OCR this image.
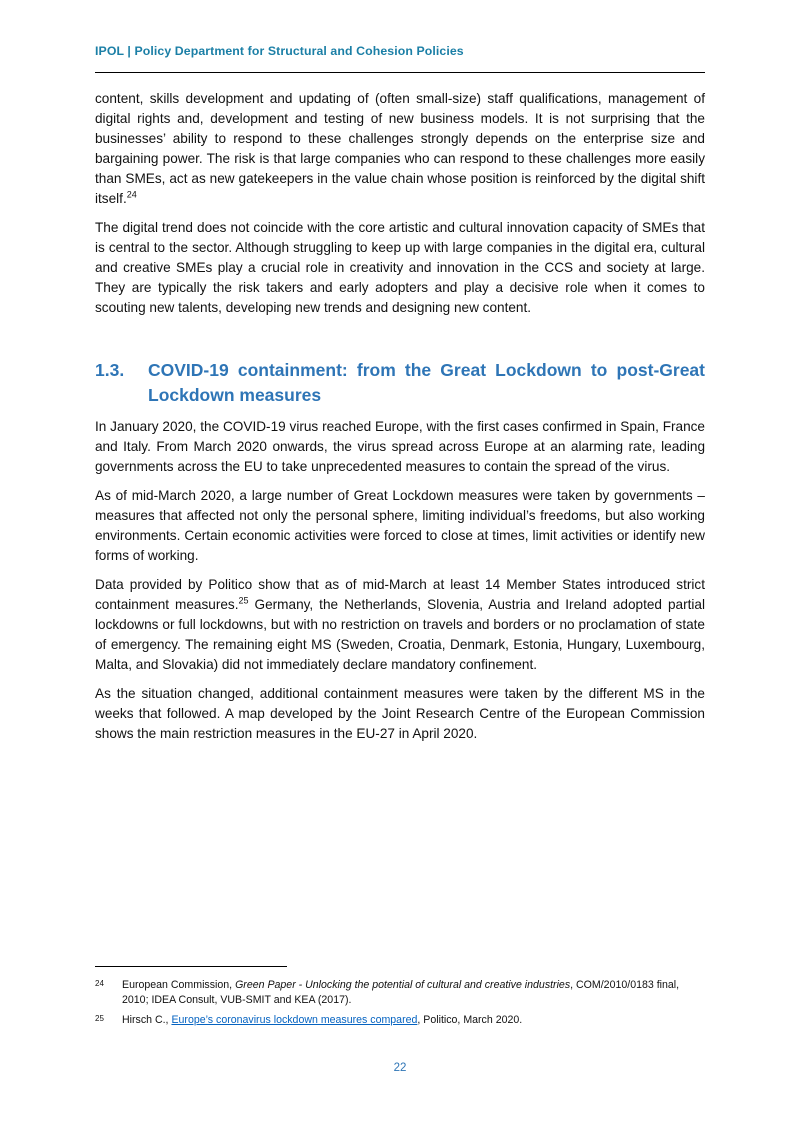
IPOL | Policy Department for Structural and Cohesion Policies

content, skills development and updating of (often small-size) staff qualifications, management of digital rights and, development and testing of new business models. It is not surprising that the businesses’ ability to respond to these challenges strongly depends on the enterprise size and bargaining power. The risk is that large companies who can respond to these challenges more easily than SMEs, act as new gatekeepers in the value chain whose position is reinforced by the digital shift itself.$^{24}$

The digital trend does not coincide with the core artistic and cultural innovation capacity of SMEs that is central to the sector. Although struggling to keep up with large companies in the digital era, cultural and creative SMEs play a crucial role in creativity and innovation in the CCS and society at large. They are typically the risk takers and early adopters and play a decisive role when it comes to scouting new talents, developing new trends and designing new content.

1.3. COVID-19 containment: from the Great Lockdown to post-Great Lockdown measures

In January 2020, the COVID-19 virus reached Europe, with the first cases confirmed in Spain, France and Italy. From March 2020 onwards, the virus spread across Europe at an alarming rate, leading governments across the EU to take unprecedented measures to contain the spread of the virus.

As of mid-March 2020, a large number of Great Lockdown measures were taken by governments – measures that affected not only the personal sphere, limiting individual’s freedoms, but also working environments. Certain economic activities were forced to close at times, limit activities or identify new forms of working.

Data provided by Politico show that as of mid-March at least 14 Member States introduced strict containment measures.$^{25}$ Germany, the Netherlands, Slovenia, Austria and Ireland adopted partial lockdowns or full lockdowns, but with no restriction on travels and borders or no proclamation of state of emergency. The remaining eight MS (Sweden, Croatia, Denmark, Estonia, Hungary, Luxembourg, Malta, and Slovakia) did not immediately declare mandatory confinement.

As the situation changed, additional containment measures were taken by the different MS in the weeks that followed. A map developed by the Joint Research Centre of the European Commission shows the main restriction measures in the EU-27 in April 2020.

24 European Commission, Green Paper - Unlocking the potential of cultural and creative industries, COM/2010/0183 final, 2010; IDEA Consult, VUB-SMIT and KEA (2017).
25 Hirsch C., Europe’s coronavirus lockdown measures compared, Politico, March 2020.
22
